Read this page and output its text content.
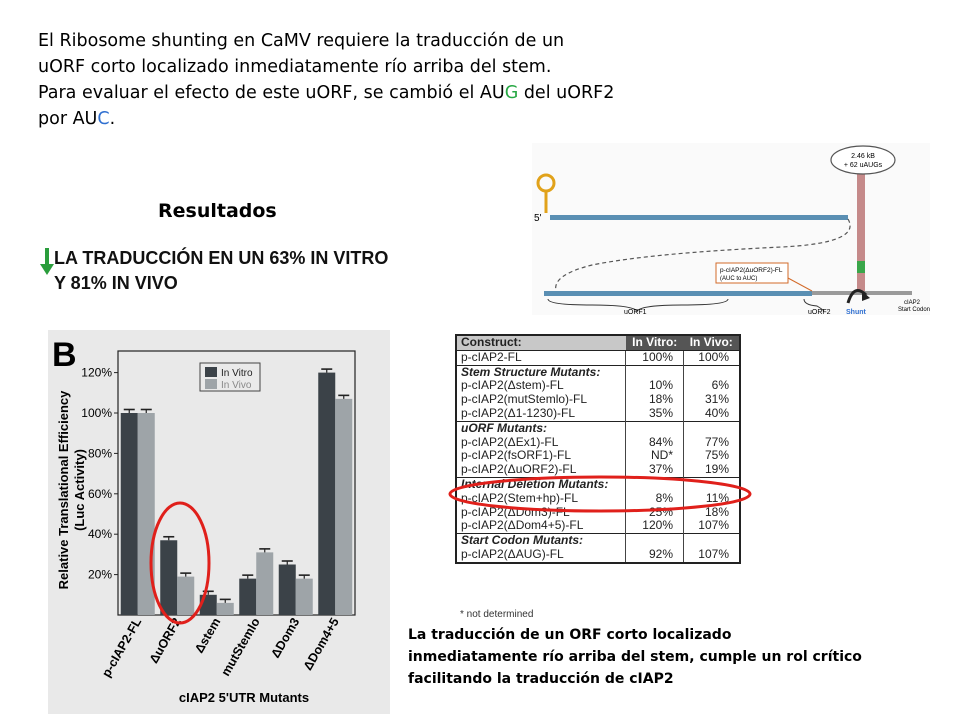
El Ribosome shunting en CaMV requiere la traducción de un

uORF corto localizado inmediatamente río arriba del stem.

Para evaluar el efecto de este uORF, se cambió el AUG del uORF2

por AUC.

Resultados
LA TRADUCCIÓN EN UN 63% IN VITRO
Y 81% IN VIVO
5'
2.46 kB
+ 62 uAUGs
p-cIAP2(ΔuORF2)-FL
(AUC to AUC)
uORF1	uORF2 Shunt
cIAP2
Start Codon
B
Relative Translational Efficiency (Luc Activity)
20%
40%
60%
80%
100%
120%
p-cIAP2-FL ΔuORF2 Δstem
mutStemlo ΔDom3
ΔDom4+5
In Vitro
In Vivo
cIAP2 5'UTR Mutants
Construct:	In Vitro:	In Vivo:
p-cIAP2-FL	100%	100%
Stem Structure Mutants:		
p-cIAP2(Δstem)-FL	10%	6%
p-cIAP2(mutStemlo)-FL	18%	31%
p-cIAP2(Δ1-1230)-FL	35%	40%
uORF Mutants:		
p-cIAP2(ΔEx1)-FL	84%	77%
p-cIAP2(fsORF1)-FL	ND*	75%
p-cIAP2(ΔuORF2)-FL	37%	19%
Internal Deletion Mutants:		
p-cIAP2(Stem+hp)-FL	8%	11%
p-cIAP2(ΔDom3)-FL	25%	18%
p-cIAP2(ΔDom4+5)-FL	120%	107%
Start Codon Mutants:		
p-cIAP2(ΔAUG)-FL	92%	107%
* not determined
La traducción de un ORF corto localizado
inmediatamente río arriba del stem, cumple un rol crítico
facilitando la traducción de cIAP2
